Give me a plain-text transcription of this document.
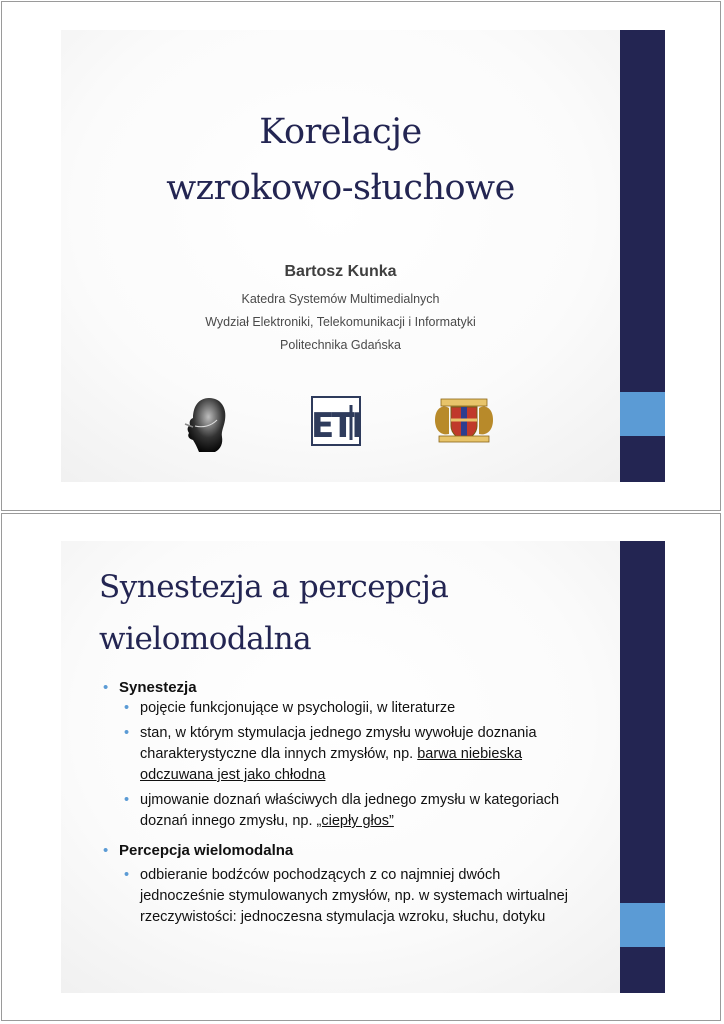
Korelacje
wzrokowo-słuchowe
Bartosz Kunka
Katedra Systemów Multimedialnych
Wydział Elektroniki, Telekomunikacji i Informatyki
Politechnika Gdańska
ETI
Synestezja a percepcja
wielomodalna

• Synestezja

• pojęcie funkcjonujące w psychologii, w literaturze

• stan, w którym stymulacja jednego zmysłu wywołuje doznania
charakterystyczne dla innych zmysłów, np. barwa niebieska
odczuwana jest jako chłodna

• ujmowanie doznań właściwych dla jednego zmysłu w kategoriach
doznań innego zmysłu, np. „ciepły głos”

• Percepcja wielomodalna

• odbieranie bodźców pochodzących z co najmniej dwóch
jednocześnie stymulowanych zmysłów, np. w systemach wirtualnej
rzeczywistości: jednoczesna stymulacja wzroku, słuchu, dotyku
